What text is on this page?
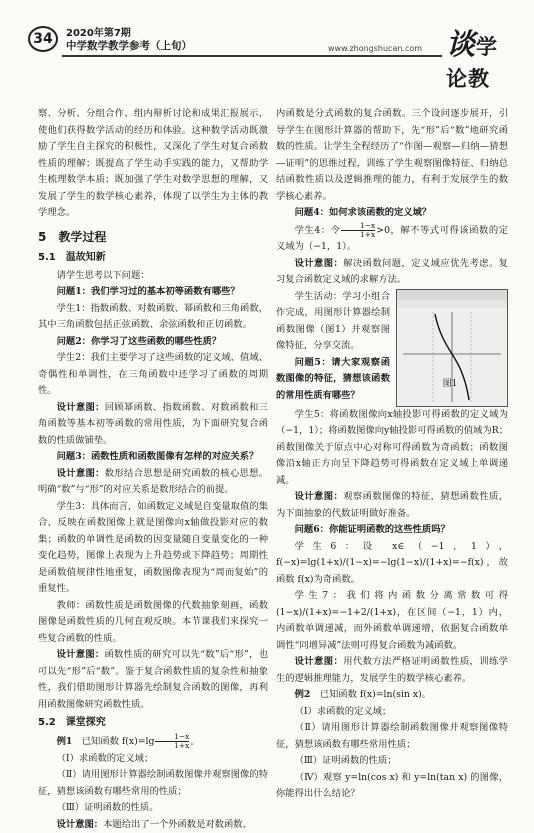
34	2020年第7期
中学数学教学参考（上旬）	www.zhongshucan.com 谈学论教

察、分析、分组合作、组内辩析讨论和成果汇报展示，使他们获得数学活动的经历和体验。这种数学活动既激励了学生自主探究的积极性，又深化了学生对复合函数性质的理解；既提高了学生动手实践的能力，又帮助学生梳理数学本质；既加强了学生对数学思想的理解，又发展了学生的数学核心素养，体现了以学生为主体的教学理念。

5　教学过程
5.1　温故知新

请学生思考以下问题：

问题1：我们学习过的基本初等函数有哪些？

学生1：指数函数、对数函数、幂函数和三角函数，其中三角函数包括正弦函数、余弦函数和正切函数。

问题2：你学习了这些函数的哪些性质？

学生2：我们主要学习了这些函数的定义域、值域、奇偶性和单调性，在三角函数中还学习了函数的周期性。

设计意图：回顾幂函数、指数函数、对数函数和三角函数等基本初等函数的常用性质，为下面研究复合函数的性质做铺垫。

问题3：函数性质和函数图像有怎样的对应关系？

设计意图：数形结合思想是研究函数的核心思想。明确“数”与“形”的对应关系是数形结合的前提。

学生3：具体而言，如函数定义域是自变量取值的集合，反映在函数图像上就是图像向x轴做投影对应的数集；函数的单调性是函数的因变量随自变量变化的一种变化趋势，图像上表现为上升趋势或下降趋势；周期性是函数值规律性地重复，函数图像表现为“周而复始”的重复性。

教师：函数性质是函数图像的代数抽象刻画，函数图像是函数性质的几何直观反映。本节课我们来探究一些复合函数的性质。

设计意图：函数性质的研究可以先“数”后“形”，也可以先“形”后“数”。鉴于复合函数性质的复杂性和抽象性，我们借助图形计算器先绘制复合函数的图像，再利用函数图像研究函数性质。

5.2　课堂探究

例1　 已知函数 $f(x)=\lg \frac{1-x}{1+x}$ 。

（Ⅰ）求函数的定义域；

（Ⅱ）请用图形计算器绘制函数图像并观察图像的特征，猜想该函数有哪些常用的性质；

（Ⅲ）证明函数的性质。

设计意图：本题给出了一个外函数是对数函数、

内函数是分式函数的复合函数。三个设问逐步展开，引导学生在图形计算器的帮助下，先“形”后“数”地研究函数的性质。让学生全程经历了“作图—观察—归纳—猜想—证明”的思维过程，训练了学生观察图像特征、归纳总结函数性质以及逻辑推理的能力，有利于发展学生的数学核心素养。

问题4：如何求该函数的定义域？

学生4：令 $\frac{1-x}{1+x} >0$，解不等式可得该函数的定义域为（−1，1）。

设计意图：解决函数问题，定义域应优先考虑。复习复合函数定义域的求解方法。

学生活动：学习小组合作完成，用图形计算器绘制函数图像（图1）并观察图像特征，分享交流。

问题5：请大家观察函数图像的特征，猜想该函数的常用性质有哪些？

学生5：将函数图像向x轴投影可得函数的定义域为（−1，1）；将函数图像向y轴投影可得函数的值域为R；函数图像关于原点中心对称可得函数为奇函数；函数图像沿x轴正方向呈下降趋势可得函数在定义域上单调递减。

设计意图：观察函数图像的特征，猜想函数性质，为下面抽象的代数证明做好准备。

问题6：你能证明函数的这些性质吗？

学生6：设 x∈（−1，1），f(−x)=lg(1+x)/(1−x)=−lg(1−x)/(1+x)=−f(x)，故函数 f(x)为奇函数。

学生7：我们将内函数分离常数可得(1−x)/(1+x)=−1+2/(1+x)，在区间（−1，1）内，内函数单调递减，而外函数单调递增，依据复合函数单调性“同增异减”法则可得复合函数为减函数。

设计意图：用代数方法严格证明函数性质，训练学生的逻辑推理能力，发展学生的数学核心素养。

例2　 已知函数 f(x)=ln(sin x)。

（Ⅰ）求函数的定义域；

（Ⅱ）请用图形计算器绘制函数图像并观察图像特征，猜想该函数有哪些常用性质；

（Ⅲ）证明函数的性质；

（Ⅳ）观察 y=ln(cos x) 和 y=ln(tan x) 的图像，你能得出什么结论？

图1
